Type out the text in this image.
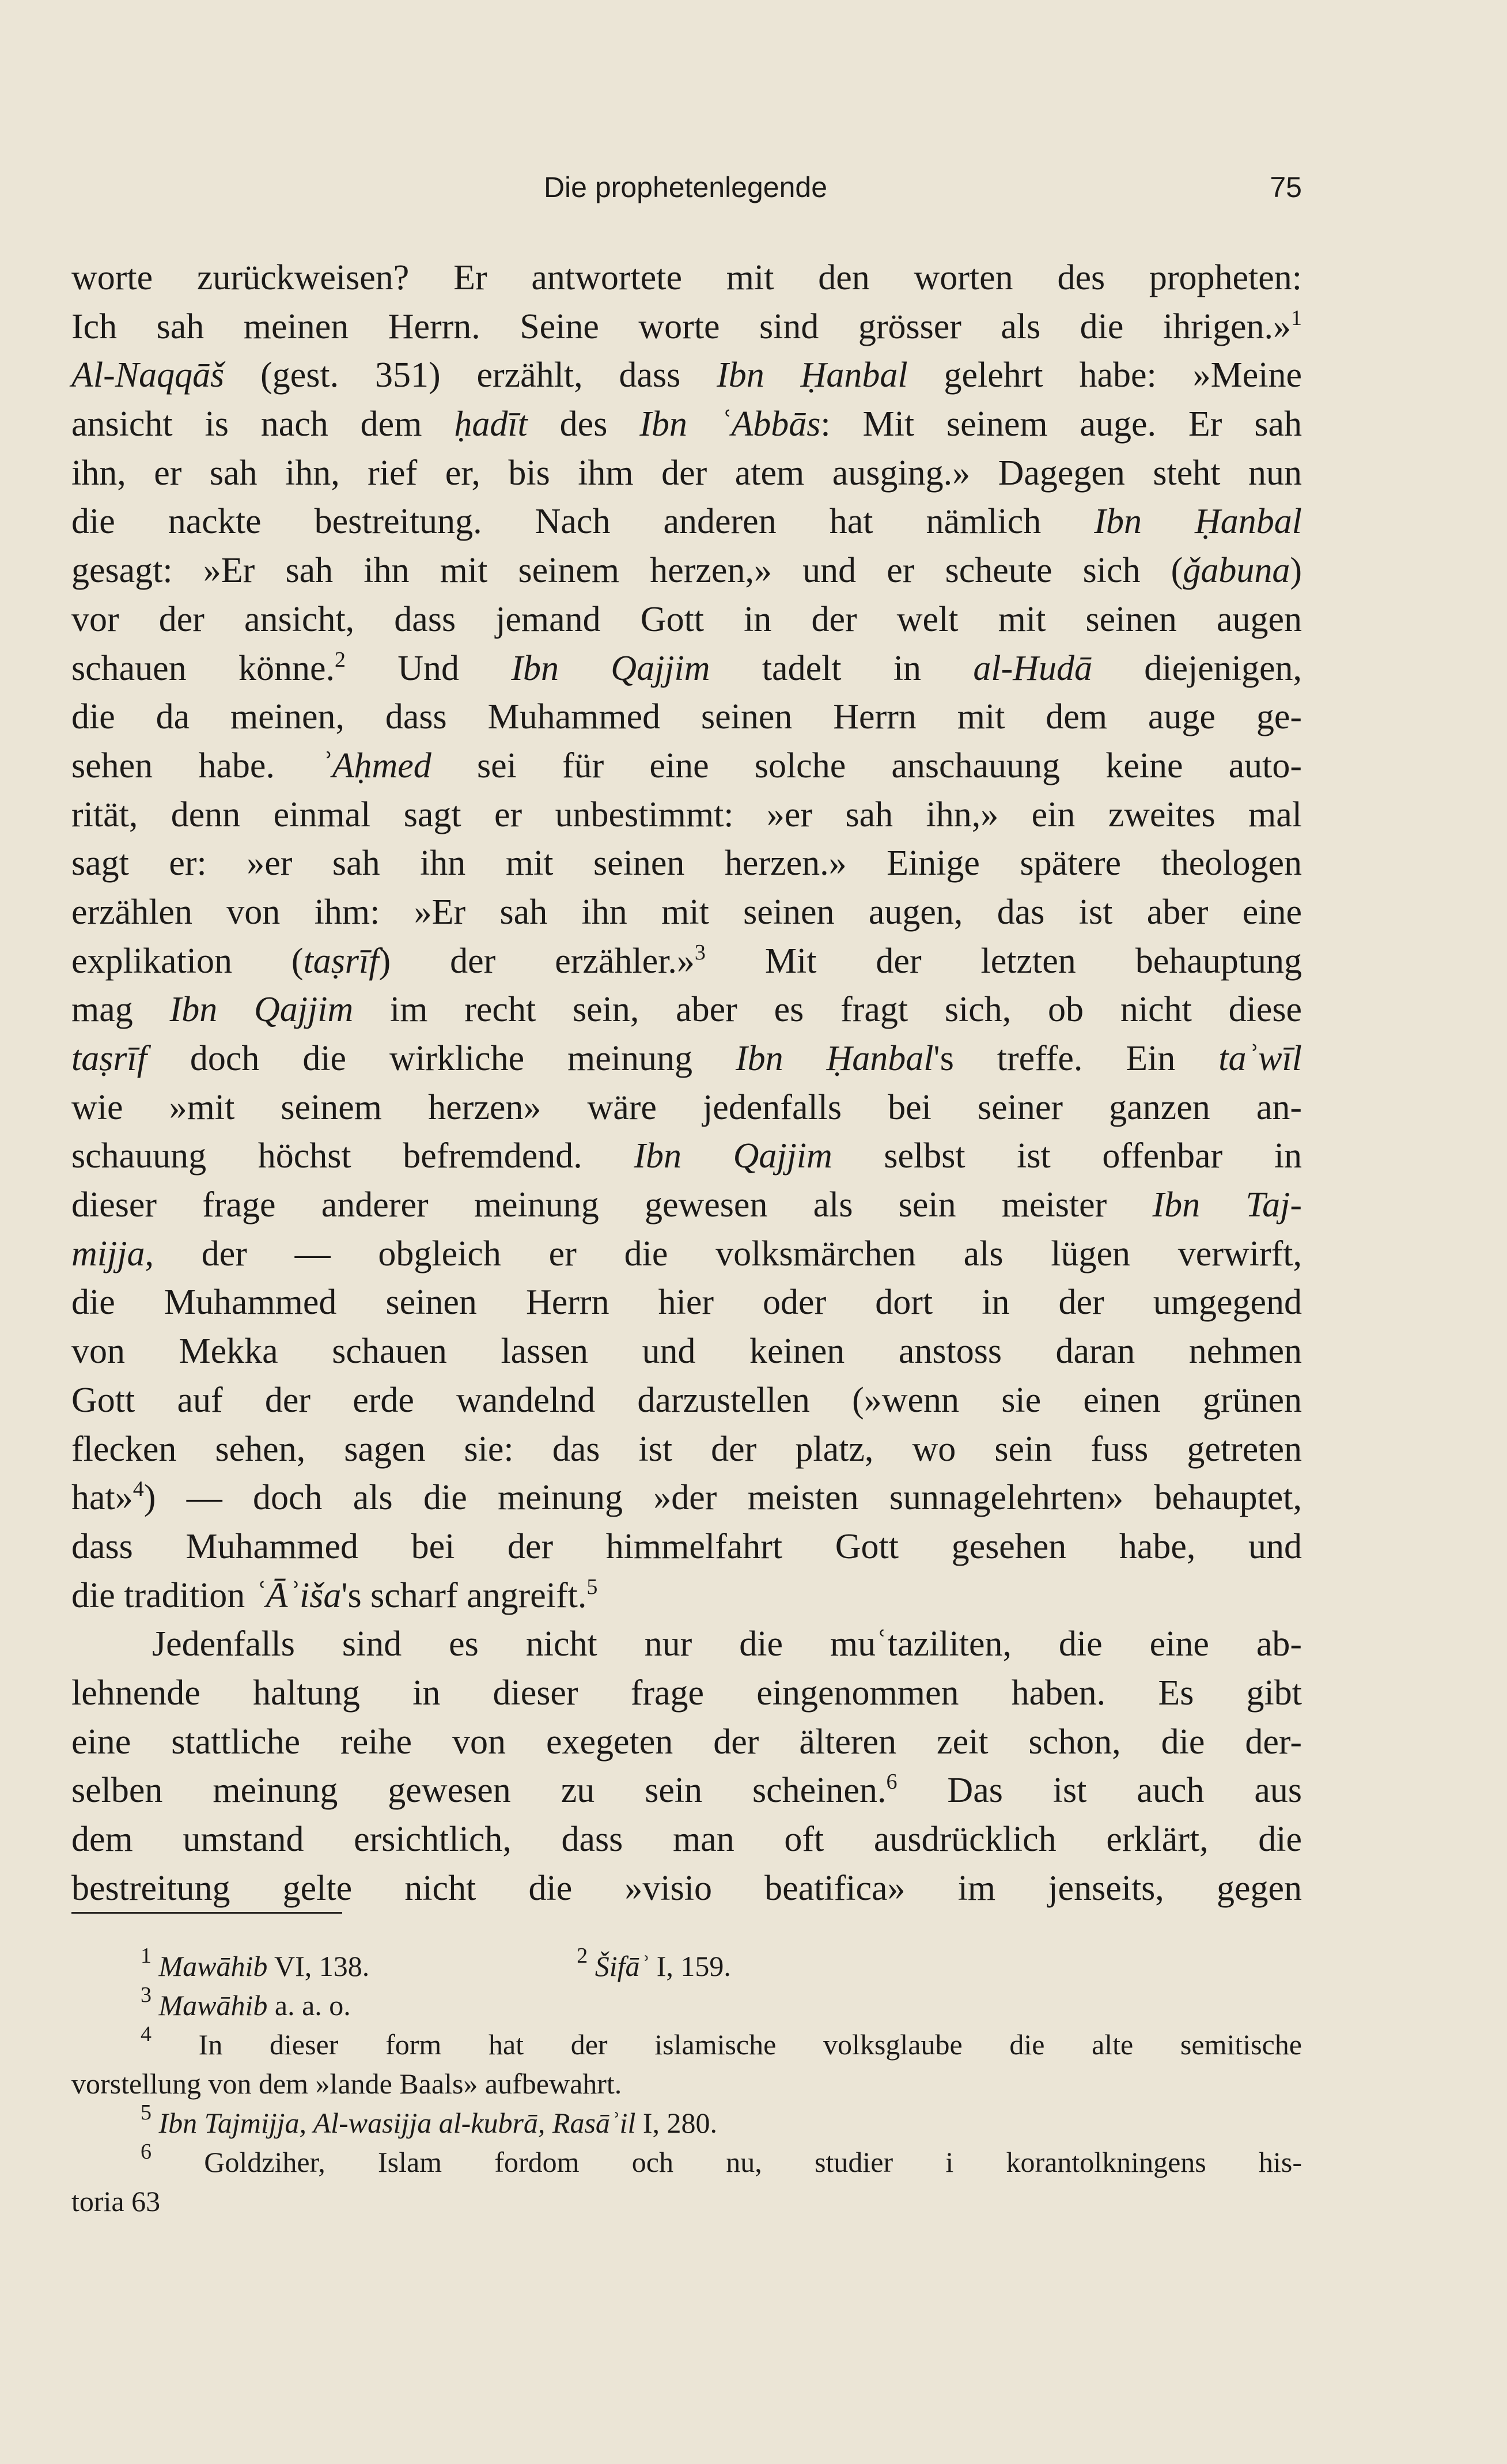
Die prophetenlegende	75
worte zurückweisen? Er antwortete mit den worten des propheten:
Ich sah meinen Herrn. Seine worte sind grösser als die ihrigen.»$^1$
Al-Naqqāš (gest. 351) erzählt, dass Ibn Ḥanbal gelehrt habe: »Meine
ansicht is nach dem ḥadīt des Ibn ʿAbbās: Mit seinem auge. Er sah
ihn, er sah ihn, rief er, bis ihm der atem ausging.» Dagegen steht nun
die nackte bestreitung. Nach anderen hat nämlich Ibn Ḥanbal
gesagt: »Er sah ihn mit seinem herzen,» und er scheute sich (ǧabuna)
vor der ansicht, dass jemand Gott in der welt mit seinen augen
schauen könne.$^2$ Und Ibn Qajjim tadelt in al-Hudā diejenigen,
die da meinen, dass Muhammed seinen Herrn mit dem auge ge-
sehen habe. ʾAḥmed sei für eine solche anschauung keine auto-
rität, denn einmal sagt er unbestimmt: »er sah ihn,» ein zweites mal
sagt er: »er sah ihn mit seinen herzen.» Einige spätere theologen
erzählen von ihm: »Er sah ihn mit seinen augen, das ist aber eine
explikation (taṣrīf) der erzähler.»$^3$ Mit der letzten behauptung
mag Ibn Qajjim im recht sein, aber es fragt sich, ob nicht diese
taṣrīf doch die wirkliche meinung Ibn Ḥanbal's treffe. Ein taʾwīl
wie »mit seinem herzen» wäre jedenfalls bei seiner ganzen an-
schauung höchst befremdend. Ibn Qajjim selbst ist offenbar in
dieser frage anderer meinung gewesen als sein meister Ibn Taj-
mijja, der — obgleich er die volksmärchen als lügen verwirft,
die Muhammed seinen Herrn hier oder dort in der umgegend
von Mekka schauen lassen und keinen anstoss daran nehmen
Gott auf der erde wandelnd darzustellen (»wenn sie einen grünen
flecken sehen, sagen sie: das ist der platz, wo sein fuss getreten
hat»$^4$) — doch als die meinung »der meisten sunnagelehrten» behauptet,
dass Muhammed bei der himmelfahrt Gott gesehen habe, und
die tradition ʿĀʾiša's scharf angreift.$^5$
Jedenfalls sind es nicht nur die muʿtaziliten, die eine ab-
lehnende haltung in dieser frage eingenommen haben. Es gibt
eine stattliche reihe von exegeten der älteren zeit schon, die der-
selben meinung gewesen zu sein scheinen.$^6$ Das ist auch aus
dem umstand ersichtlich, dass man oft ausdrücklich erklärt, die
bestreitung gelte nicht die »visio beatifica» im jenseits, gegen
$^1$ Mawāhib VI, 138.	$^2$ Šifāʾ I, 159.
$^3$ Mawāhib a. a. o.
$^4$ In dieser form hat der islamische volksglaube die alte semitische
vorstellung von dem »lande Baals» aufbewahrt.
$^5$ Ibn Tajmijja, Al-wasijja al-kubrā, Rasāʾil I, 280.
$^6$ Goldziher, Islam fordom och nu, studier i korantolkningens his-
toria 63
